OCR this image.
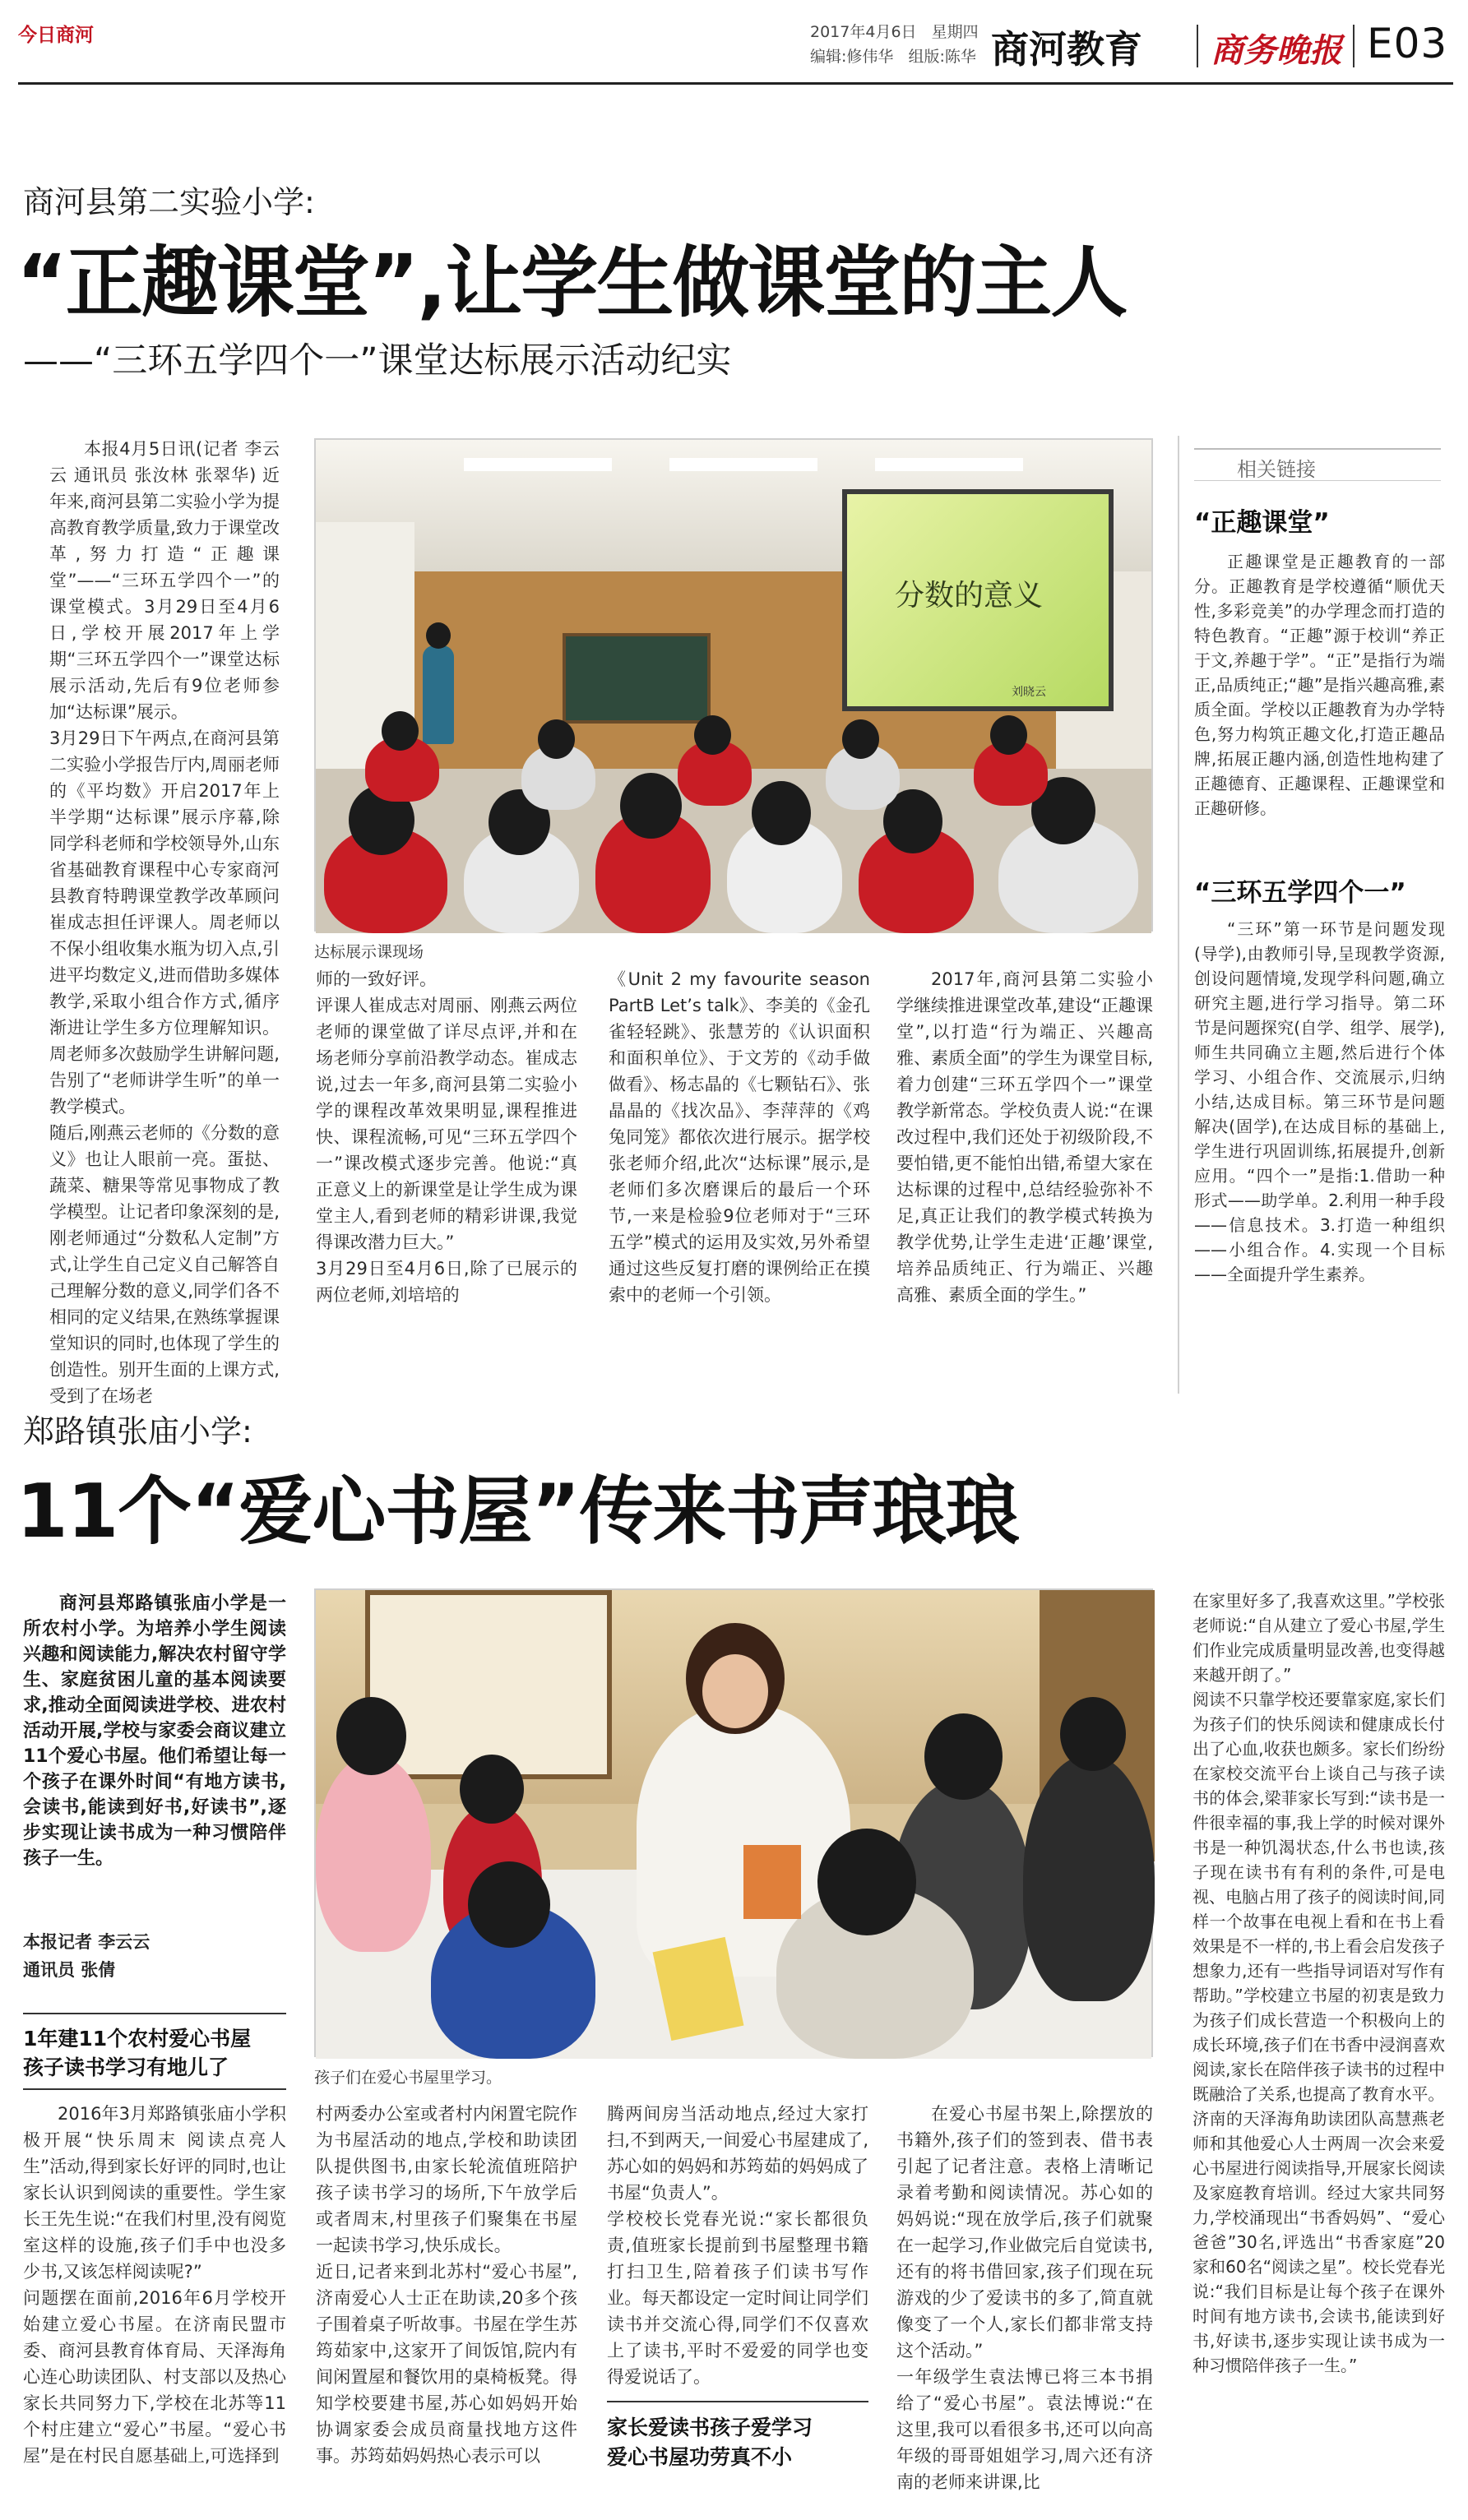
今日商河	2017年4月6日 星期四
编辑:修伟华 组版:陈华 商河教育 商务晚报 E03
商河县第二实验小学:
“正趣课堂”,让学生做课堂的主人
——“三环五学四个一”课堂达标展示活动纪实

本报4月5日讯(记者 李云云 通讯员 张汝林 张翠华) 近年来,商河县第二实验小学为提高教育教学质量,致力于课堂改革,努力打造“正趣课堂”——“三环五学四个一”的课堂模式。3月29日至4月6日,学校开展2017年上学期“三环五学四个一”课堂达标展示活动,先后有9位老师参加“达标课”展示。
3月29日下午两点,在商河县第二实验小学报告厅内,周丽老师的《平均数》开启2017年上半学期“达标课”展示序幕,除同学科老师和学校领导外,山东省基础教育课程中心专家商河县教育特聘课堂教学改革顾问崔成志担任评课人。周老师以不保小组收集水瓶为切入点,引进平均数定义,进而借助多媒体教学,采取小组合作方式,循序渐进让学生多方位理解知识。周老师多次鼓励学生讲解问题,告别了“老师讲学生听”的单一教学模式。
随后,刚燕云老师的《分数的意义》也让人眼前一亮。蛋挞、蔬菜、糖果等常见事物成了教学模型。让记者印象深刻的是,刚老师通过“分数私人定制”方式,让学生自己定义自己解答自己理解分数的意义,同学们各不相同的定义结果,在熟练掌握课堂知识的同时,也体现了学生的创造性。别开生面的上课方式,受到了在场老

分数的意义
刘晓云
达标展示课现场

师的一致好评。
评课人崔成志对周丽、刚燕云两位老师的课堂做了详尽点评,并和在场老师分享前沿教学动态。崔成志说,过去一年多,商河县第二实验小学的课程改革效果明显,课程推进快、课程流畅,可见“三环五学四个一”课改模式逐步完善。他说:“真正意义上的新课堂是让学生成为课堂主人,看到老师的精彩讲课,我觉得课改潜力巨大。”
3月29日至4月6日,除了已展示的两位老师,刘培培的

《Unit 2 my favourite season PartB Let’s talk》、李美的《金孔雀轻轻跳》、张慧芳的《认识面积和面积单位》、于文芳的《动手做做看》、杨志晶的《七颗钻石》、张晶晶的《找次品》、李萍萍的《鸡兔同笼》都依次进行展示。据学校张老师介绍,此次“达标课”展示,是老师们多次磨课后的最后一个环节,一来是检验9位老师对于“三环五学”模式的运用及实效,另外希望通过这些反复打磨的课例给正在摸索中的老师一个引领。

2017年,商河县第二实验小学继续推进课堂改革,建设“正趣课堂”,以打造“行为端正、兴趣高雅、素质全面”的学生为课堂目标,着力创建“三环五学四个一”课堂教学新常态。学校负责人说:“在课改过程中,我们还处于初级阶段,不要怕错,更不能怕出错,希望大家在达标课的过程中,总结经验弥补不足,真正让我们的教学模式转换为教学优势,让学生走进‘正趣’课堂,培养品质纯正、行为端正、兴趣高雅、素质全面的学生。”

相关链接
“正趣课堂”

正趣课堂是正趣教育的一部分。正趣教育是学校遵循“顺优天性,多彩竞美”的办学理念而打造的特色教育。“正趣”源于校训“养正于文,养趣于学”。“正”是指行为端正,品质纯正;“趣”是指兴趣高雅,素质全面。学校以正趣教育为办学特色,努力构筑正趣文化,打造正趣品牌,拓展正趣内涵,创造性地构建了正趣德育、正趣课程、正趣课堂和正趣研修。

“三环五学四个一”

“三环”第一环节是问题发现(导学),由教师引导,呈现教学资源,创设问题情境,发现学科问题,确立研究主题,进行学习指导。第二环节是问题探究(自学、组学、展学),师生共同确立主题,然后进行个体学习、小组合作、交流展示,归纳小结,达成目标。第三环节是问题解决(固学),在达成目标的基础上,学生进行巩固训练,拓展提升,创新应用。“四个一”是指:1.借助一种形式——助学单。2.利用一种手段——信息技术。3.打造一种组织——小组合作。4.实现一个目标——全面提升学生素养。

郑路镇张庙小学:
11个“爱心书屋”传来书声琅琅

商河县郑路镇张庙小学是一所农村小学。为培养小学生阅读兴趣和阅读能力,解决农村留守学生、家庭贫困儿童的基本阅读要求,推动全面阅读进学校、进农村活动开展,学校与家委会商议建立11个爱心书屋。他们希望让每一个孩子在课外时间“有地方读书,会读书,能读到好书,好读书”,逐步实现让读书成为一种习惯陪伴孩子一生。

本报记者 李云云
通讯员 张倩
1年建11个农村爱心书屋
孩子读书学习有地儿了	孩子们在爱心书屋里学习。

2016年3月郑路镇张庙小学积极开展“快乐周末 阅读点亮人生”活动,得到家长好评的同时,也让家长认识到阅读的重要性。学生家长王先生说:“在我们村里,没有阅览室这样的设施,孩子们手中也没多少书,又该怎样阅读呢?”
问题摆在面前,2016年6月学校开始建立爱心书屋。在济南民盟市委、商河县教育体育局、天泽海角心连心助读团队、村支部以及热心家长共同努力下,学校在北苏等11个村庄建立“爱心”书屋。“爱心书屋”是在村民自愿基础上,可选择到

村两委办公室或者村内闲置宅院作为书屋活动的地点,学校和助读团队提供图书,由家长轮流值班陪护孩子读书学习的场所,下午放学后或者周末,村里孩子们聚集在书屋一起读书学习,快乐成长。
近日,记者来到北苏村“爱心书屋”,济南爱心人士正在助读,20多个孩子围着桌子听故事。书屋在学生苏筠茹家中,这家开了间饭馆,院内有间闲置屋和餐饮用的桌椅板凳。得知学校要建书屋,苏心如妈妈开始协调家委会成员商量找地方这件事。苏筠茹妈妈热心表示可以

腾两间房当活动地点,经过大家打扫,不到两天,一间爱心书屋建成了,苏心如的妈妈和苏筠茹的妈妈成了书屋“负责人”。
学校校长党春光说:“家长都很负责,值班家长提前到书屋整理书籍打扫卫生,陪着孩子们读书写作业。每天都设定一定时间让同学们读书并交流心得,同学们不仅喜欢上了读书,平时不爱爱的同学也变得爱说话了。

家长爱读书孩子爱学习
爱心书屋功劳真不小

在爱心书屋书架上,除摆放的书籍外,孩子们的签到表、借书表引起了记者注意。表格上清晰记录着考勤和阅读情况。苏心如的妈妈说:“现在放学后,孩子们就聚在一起学习,作业做完后自觉读书,还有的将书借回家,孩子们现在玩游戏的少了爱读书的多了,简直就像变了一个人,家长们都非常支持这个活动。”
一年级学生袁法博已将三本书捐给了“爱心书屋”。袁法博说:“在这里,我可以看很多书,还可以向高年级的哥哥姐姐学习,周六还有济南的老师来讲课,比

在家里好多了,我喜欢这里。”学校张老师说:“自从建立了爱心书屋,学生们作业完成质量明显改善,也变得越来越开朗了。”
阅读不只靠学校还要靠家庭,家长们为孩子们的快乐阅读和健康成长付出了心血,收获也颇多。家长们纷纷在家校交流平台上谈自己与孩子读书的体会,梁菲家长写到:“读书是一件很幸福的事,我上学的时候对课外书是一种饥渴状态,什么书也读,孩子现在读书有有利的条件,可是电视、电脑占用了孩子的阅读时间,同样一个故事在电视上看和在书上看效果是不一样的,书上看会启发孩子想象力,还有一些指导词语对写作有帮助。”学校建立书屋的初衷是致力为孩子们成长营造一个积极向上的成长环境,孩子们在书香中浸润喜欢阅读,家长在陪伴孩子读书的过程中既融洽了关系,也提高了教育水平。
济南的天泽海角助读团队高慧燕老师和其他爱心人士两周一次会来爱心书屋进行阅读指导,开展家长阅读及家庭教育培训。经过大家共同努力,学校涌现出“书香妈妈”、“爱心爸爸”30名,评选出“书香家庭”20家和60名“阅读之星”。校长党春光说:“我们目标是让每个孩子在课外时间有地方读书,会读书,能读到好书,好读书,逐步实现让读书成为一种习惯陪伴孩子一生。”
